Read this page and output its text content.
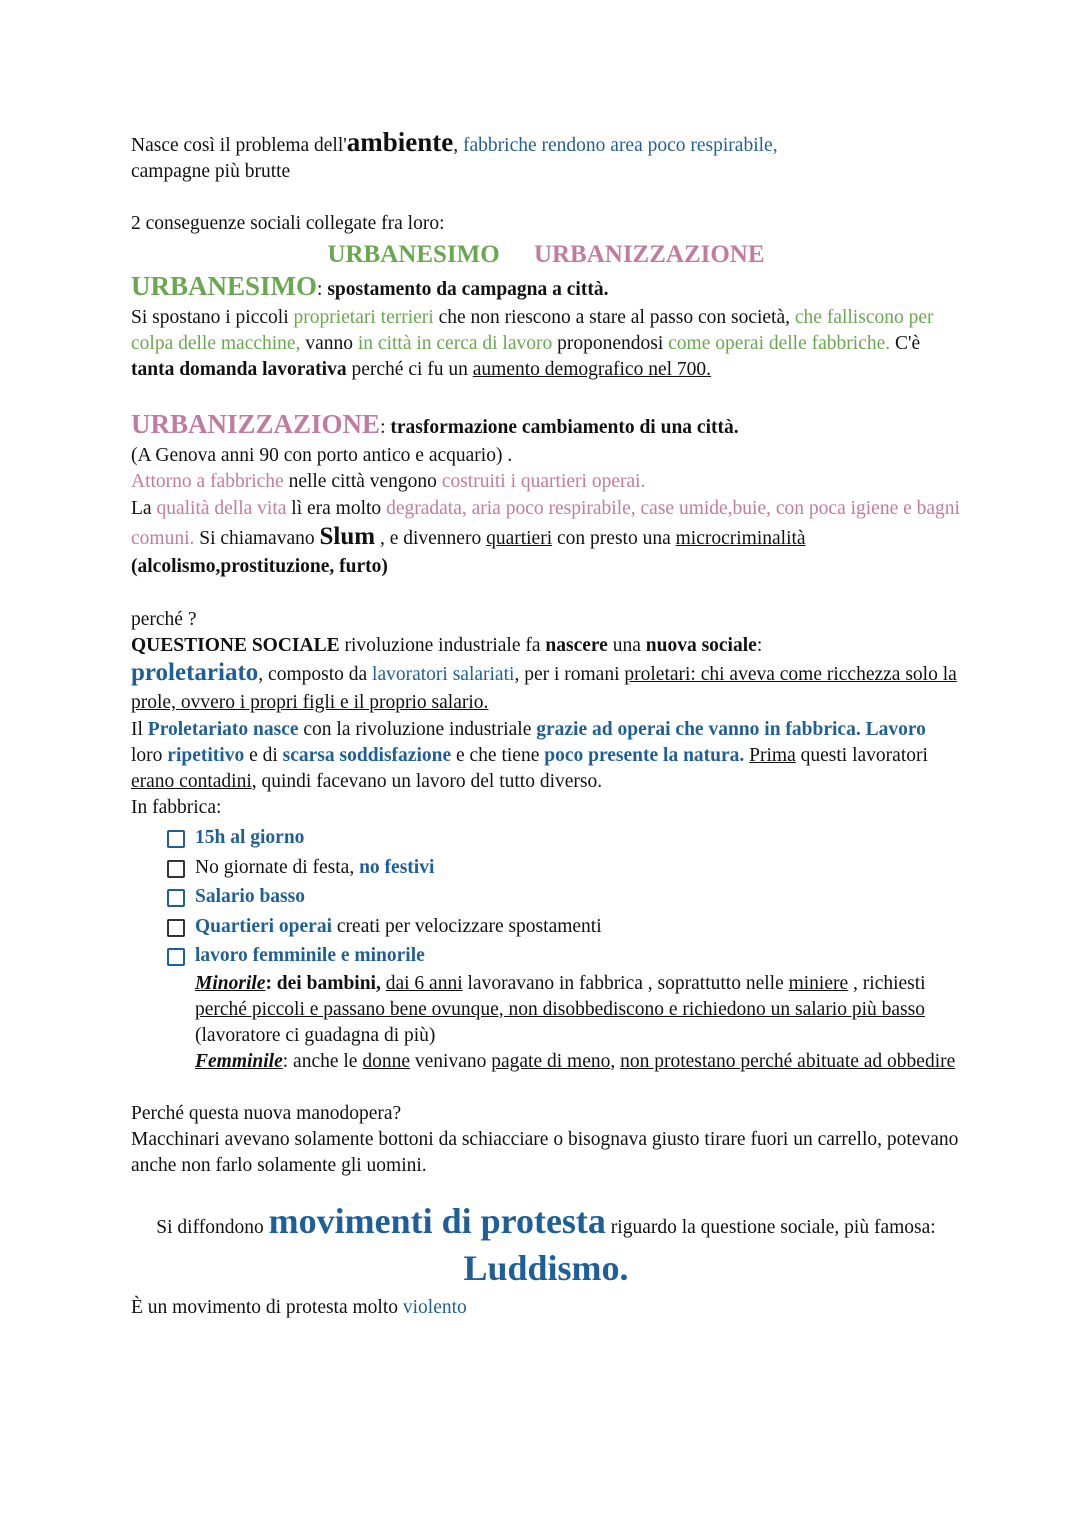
Nasce così il problema dell'ambiente, fabbriche rendono area poco respirabile,
campagne più brutte

2 conseguenze sociali collegate fra loro:

URBANESIMO URBANIZZAZIONE

URBANESIMO: spostamento da campagna a città.

Si spostano i piccoli proprietari terrieri che non riescono a stare al passo con società, che falliscono per colpa delle macchine, vanno in città in cerca di lavoro proponendosi come operai delle fabbriche. C'è tanta domanda lavorativa perché ci fu un aumento demografico nel 700.

URBANIZZAZIONE: trasformazione cambiamento di una città.

(A Genova anni 90 con porto antico e acquario) .

Attorno a fabbriche nelle città vengono costruiti i quartieri operai.

La qualità della vita lì era molto degradata, aria poco respirabile, case umide,buie, con poca igiene e bagni comuni. Si chiamavano Slum , e divennero quartieri con presto una microcriminalità (alcolismo,prostituzione, furto)

perché ?

QUESTIONE SOCIALE rivoluzione industriale fa nascere una nuova sociale:

proletariato, composto da lavoratori salariati, per i romani proletari: chi aveva come ricchezza solo la prole, ovvero i propri figli e il proprio salario.

Il Proletariato nasce con la rivoluzione industriale grazie ad operai che vanno in fabbrica. Lavoro loro ripetitivo e di scarsa soddisfazione e che tiene poco presente la natura. Prima questi lavoratori erano contadini, quindi facevano un lavoro del tutto diverso.

In fabbrica:

15h al giorno
No giornate di festa, no festivi
Salario basso
Quartieri operai creati per velocizzare spostamenti
lavoro femminile e minorile

Minorile: dei bambini, dai 6 anni lavoravano in fabbrica , soprattutto nelle miniere , richiesti perché piccoli e passano bene ovunque, non disobbediscono e richiedono un salario più basso (lavoratore ci guadagna di più)

Femminile: anche le donne venivano pagate di meno, non protestano perché abituate ad obbedire

Perché questa nuova manodopera?

Macchinari avevano solamente bottoni da schiacciare o bisognava giusto tirare fuori un carrello, potevano anche non farlo solamente gli uomini.

Si diffondono movimenti di protesta riguardo la questione sociale, più famosa: Luddismo.

È un movimento di protesta molto violento
